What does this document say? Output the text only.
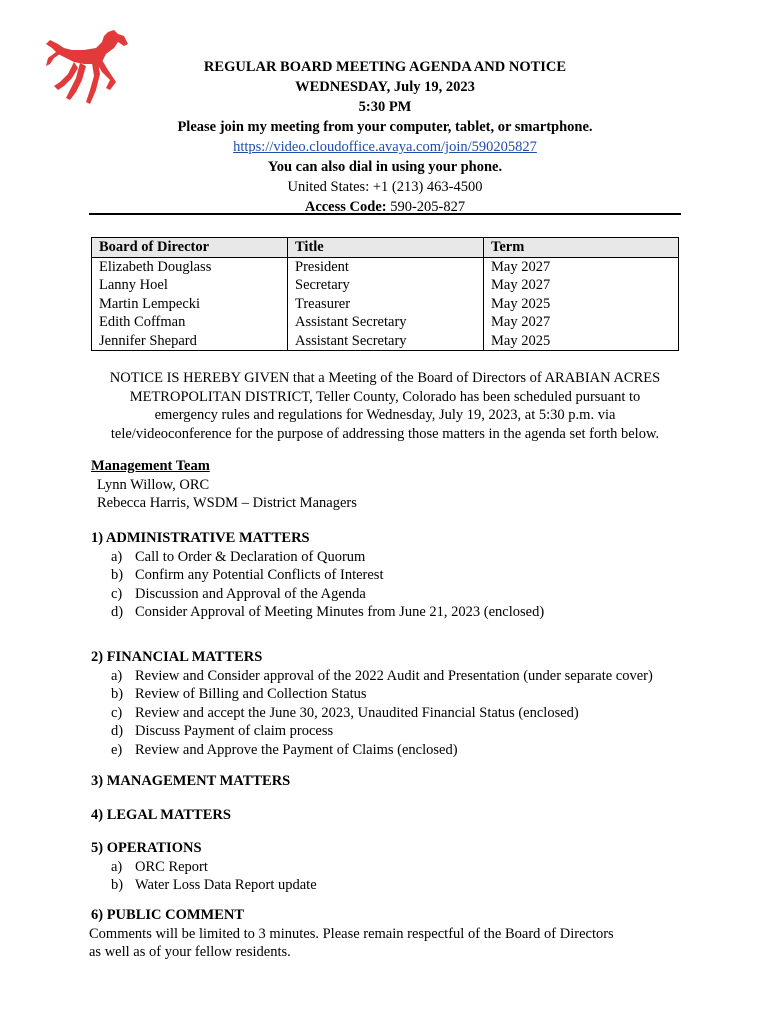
REGULAR BOARD MEETING AGENDA AND NOTICE
WEDNESDAY, July 19, 2023
5:30 PM
Please join my meeting from your computer, tablet, or smartphone.
https://video.cloudoffice.avaya.com/join/590205827
You can also dial in using your phone.
United States: +1 (213) 463-4500
Access Code: 590-205-827
Board of Director	Title	Term
Elizabeth Douglass	President	May 2027
Lanny Hoel	Secretary	May 2027
Martin Lempecki	Treasurer	May 2025
Edith Coffman	Assistant Secretary	May 2027
Jennifer Shepard	Assistant Secretary	May 2025
NOTICE IS HEREBY GIVEN that a Meeting of the Board of Directors of ARABIAN ACRES
METROPOLITAN DISTRICT, Teller County, Colorado has been scheduled pursuant to
emergency rules and regulations for Wednesday, July 19, 2023, at 5:30 p.m. via
tele/videoconference for the purpose of addressing those matters in the agenda set forth below.
Management Team
Lynn Willow, ORC
Rebecca Harris, WSDM – District Managers
1) ADMINISTRATIVE MATTERS
a) Call to Order & Declaration of Quorum
b) Confirm any Potential Conflicts of Interest
c) Discussion and Approval of the Agenda
d) Consider Approval of Meeting Minutes from June 21, 2023 (enclosed)
2) FINANCIAL MATTERS
a) Review and Consider approval of the 2022 Audit and Presentation (under separate cover)
b) Review of Billing and Collection Status
c) Review and accept the June 30, 2023, Unaudited Financial Status (enclosed)
d) Discuss Payment of claim process
e) Review and Approve the Payment of Claims (enclosed)
3) MANAGEMENT MATTERS
4) LEGAL MATTERS
5) OPERATIONS
a) ORC Report
b) Water Loss Data Report update
6) PUBLIC COMMENT
Comments will be limited to 3 minutes. Please remain respectful of the Board of Directors
as well as of your fellow residents.
